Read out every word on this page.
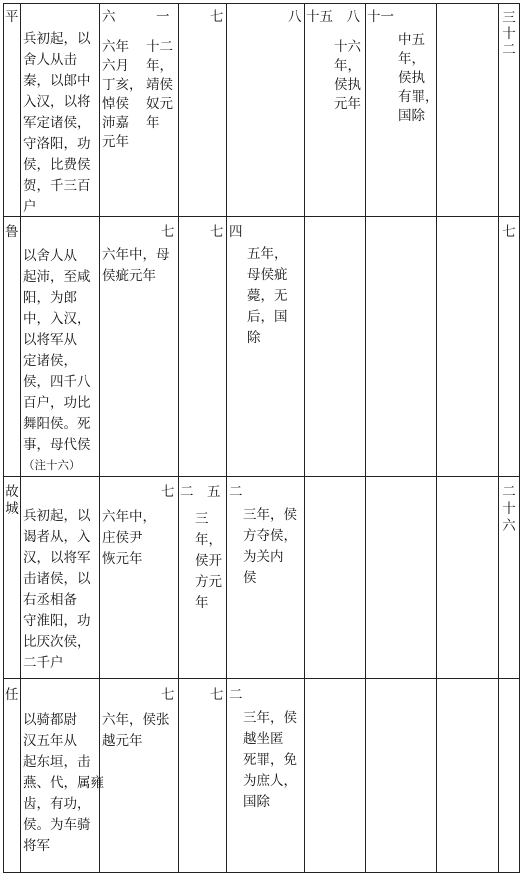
平
兵初起，以
舍人从击
秦，以郎中
入汉，以将
军定诸侯，
守洛阳，功
侯，比费侯
贺，千三百
户
六　　　一
六年
六月
丁亥，
悼侯
沛嘉
元年
十二
年，
靖侯
奴元
年
七	八 十五　八
十六
年，
侯执
元年
十一
中五
年，
侯执
有罪，
国除
三
十
二
鲁
以舍人从
起沛，至咸
阳，为郎
中，入汉，
以将军从
定诸侯，
侯，四千八
百户，功比
舞阳侯。死
事，母代侯
（注十六）
七
六年中，母
侯疵元年
七 四
五年，
母侯疵
薨，无
后，国
除
七
故
城 兵初起，以
谒者从，入
汉，以将军
击诸侯，以
右丞相备
守淮阳，功
比厌次侯，
二千户
七
六年中，
庄侯尹
恢元年
二　五
三
年，
侯开
方元
年
二
三年，侯
方夺侯，
为关内
侯
二
十
六
任
以骑都尉
汉五年从
起东垣，击
燕、代，属雍
齿，有功，
侯。为车骑
将军
七
六年，侯张
越元年
七 二
三年，侯
越坐匿
死罪，免
为庶人，
国除
